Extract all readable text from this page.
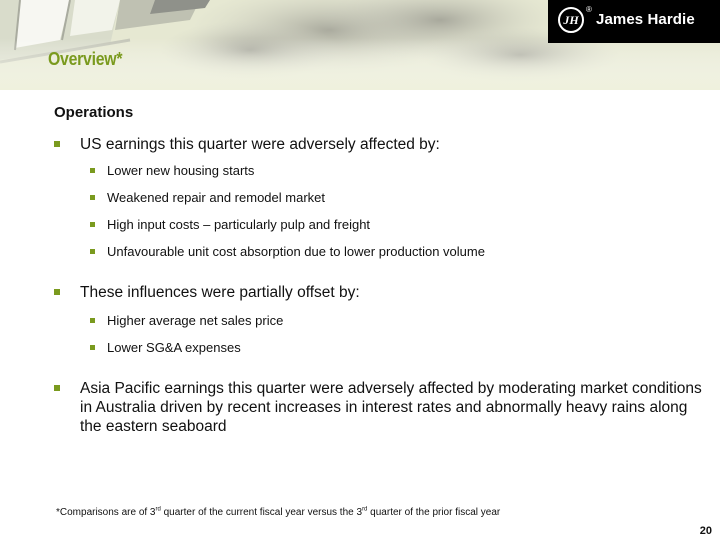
JH
®
James Hardie
Overview*
Operations
US earnings this quarter were adversely affected by:
Lower new housing starts
Weakened repair and remodel market
High input costs – particularly pulp and freight
Unfavourable unit cost absorption due to lower production volume
These influences were partially offset by:
Higher average net sales price
Lower SG&A expenses
Asia Pacific earnings this quarter were adversely affected by moderating market conditions in Australia driven by recent increases in interest rates and abnormally heavy rains along the eastern seaboard
*Comparisons are of 3rd quarter of the current fiscal year versus the 3rd quarter of the prior fiscal year
20
